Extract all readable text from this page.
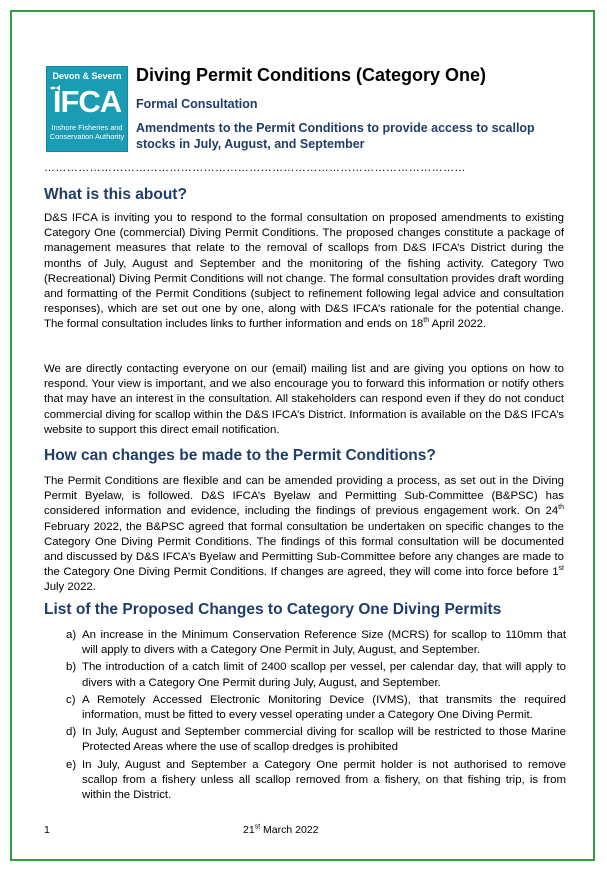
Devon & Severn
IFCA
Inshore Fisheries and
Conservation Authority
Diving Permit Conditions (Category One)
Formal Consultation
Amendments to the Permit Conditions to provide access to scallop stocks in July, August, and September
…………………………………………………………………………………………………
What is this about?

D&S IFCA is inviting you to respond to the formal consultation on proposed amendments to existing Category One (commercial) Diving Permit Conditions. The proposed changes constitute a package of management measures that relate to the removal of scallops from D&S IFCA’s District during the months of July, August and September and the monitoring of the fishing activity. Category Two (Recreational) Diving Permit Conditions will not change. The formal consultation provides draft wording and formatting of the Permit Conditions (subject to refinement following legal advice and consultation responses), which are set out one by one, along with D&S IFCA’s rationale for the potential change. The formal consultation includes links to further information and ends on 18th April 2022.

We are directly contacting everyone on our (email) mailing list and are giving you options on how to respond. Your view is important, and we also encourage you to forward this information or notify others that may have an interest in the consultation. All stakeholders can respond even if they do not conduct commercial diving for scallop within the D&S IFCA’s District. Information is available on the D&S IFCA’s website to support this direct email notification.

How can changes be made to the Permit Conditions?

The Permit Conditions are flexible and can be amended providing a process, as set out in the Diving Permit Byelaw, is followed. D&S IFCA’s Byelaw and Permitting Sub-Committee (B&PSC) has considered information and evidence, including the findings of previous engagement work. On 24th February 2022, the B&PSC agreed that formal consultation be undertaken on specific changes to the Category One Diving Permit Conditions. The findings of this formal consultation will be documented and discussed by D&S IFCA’s Byelaw and Permitting Sub-Committee before any changes are made to the Category One Diving Permit Conditions. If changes are agreed, they will come into force before 1st July 2022.

List of the Proposed Changes to Category One Diving Permits
a) An increase in the Minimum Conservation Reference Size (MCRS) for scallop to 110mm that will apply to divers with a Category One Permit in July, August, and September.
b) The introduction of a catch limit of 2400 scallop per vessel, per calendar day, that will apply to divers with a Category One Permit during July, August, and September.
c) A Remotely Accessed Electronic Monitoring Device (IVMS), that transmits the required information, must be fitted to every vessel operating under a Category One Diving Permit.
d) In July, August and September commercial diving for scallop will be restricted to those Marine Protected Areas where the use of scallop dredges is prohibited
e) In July, August and September a Category One permit holder is not authorised to remove scallop from a fishery unless all scallop removed from a fishery, on that fishing trip, is from within the District.
1	21st March 2022
